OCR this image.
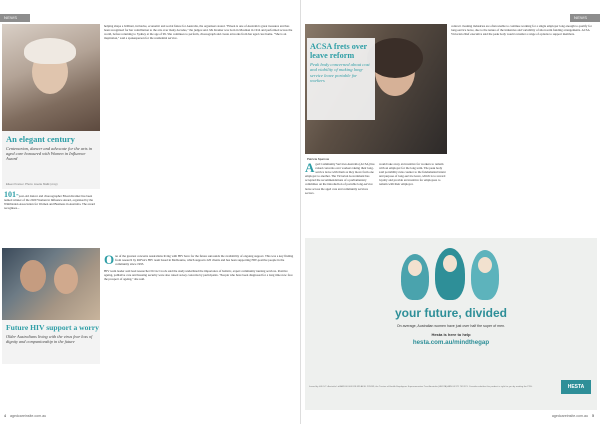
NEWS
An elegant century
Centenarian, dancer and advocate for the arts in aged care honoured with Women in Influence Award
Eileen Kramer. Photo: Lisette Malik (crop)
101-year-old dancer and choreographer Eileen Kramer has been named winner of the 2020 Women in Influence Award, organised by the Wimbledon Association for Women and Business in Australia. The award recognises...
helping shape a brilliant, inclusive, economic and social future for Australia, the organisers stated. "Eileen is one of Australia's great treasures and has been recognised for her contribution to the arts over many decades," the judges said. Ms Kramer was born in Mosman in 1914 and performed across the world, before returning to Sydney at the age of 99. She continues to perform, choreograph and create artworks from her aged care home. "She is an inspiration," said a spokesperson for the residential service.
Future HIV support a worry
Older Australians living with the virus fear loss of dignity and companionship in the future
One of the greatest concerns Australians living with HIV have for the future surrounds the availability of ongoing support. This was a key finding from research by ROVA's HIV team based in Melbourne, which supports 220 clients and has been supporting HIV-positive people in the community since 1993.
HIV team leader said lead researcher Dr Liz Crock said the study underlined the importance of holistic, expert community nursing services. Positive ageing, palliative care and housing security were also raised as key concerns by participants. "People who have been diagnosed for a long time now face the prospect of ageing," she said.
4 agedcareinsite.com.au
NEWS
ACSA frets over leave reform
Peak body concerned about cost and viability of making long-service leave portable for workers
Patricia Sparrow
Aged Community Services Australia (ACSA) has raised concerns over workers taking their long-service leave with them as they move from one employer to another. The Victorian Government has accepted the recommendations of a parliamentary committee on the introduction of portable long-service leave across the aged care and community services sectors.
would take away an incentive for workers to remain with an employer for the long term. The peak body said portability runs counter to the fundamental intent and purpose of long-service leave, which is to reward loyalty and provide an incentive for employees to remain with their employer.
contract cleaning industries are often unable to continue working for a single employer long enough to qualify for long-service leave, due to the nature of the industries and variability of short-term funding arrangements. ACSA Victorian chief executive said the peak body would consider a range of options to support members.
your future, divided
On average, Australian women have just over half the super of men.
Hesta is here to help
hesta.com.au/mindthegap
Issued by H.E.S.T. Australia Ltd ABN 66 006 818 695 AFSL 235249, the Trustee of Health Employees Superannuation Trust Australia (HESTA) ABN 64 971 749 321. Consider whether this product is right for you by reading the PDS.	HESTA
agedcareinsite.com.au 5
